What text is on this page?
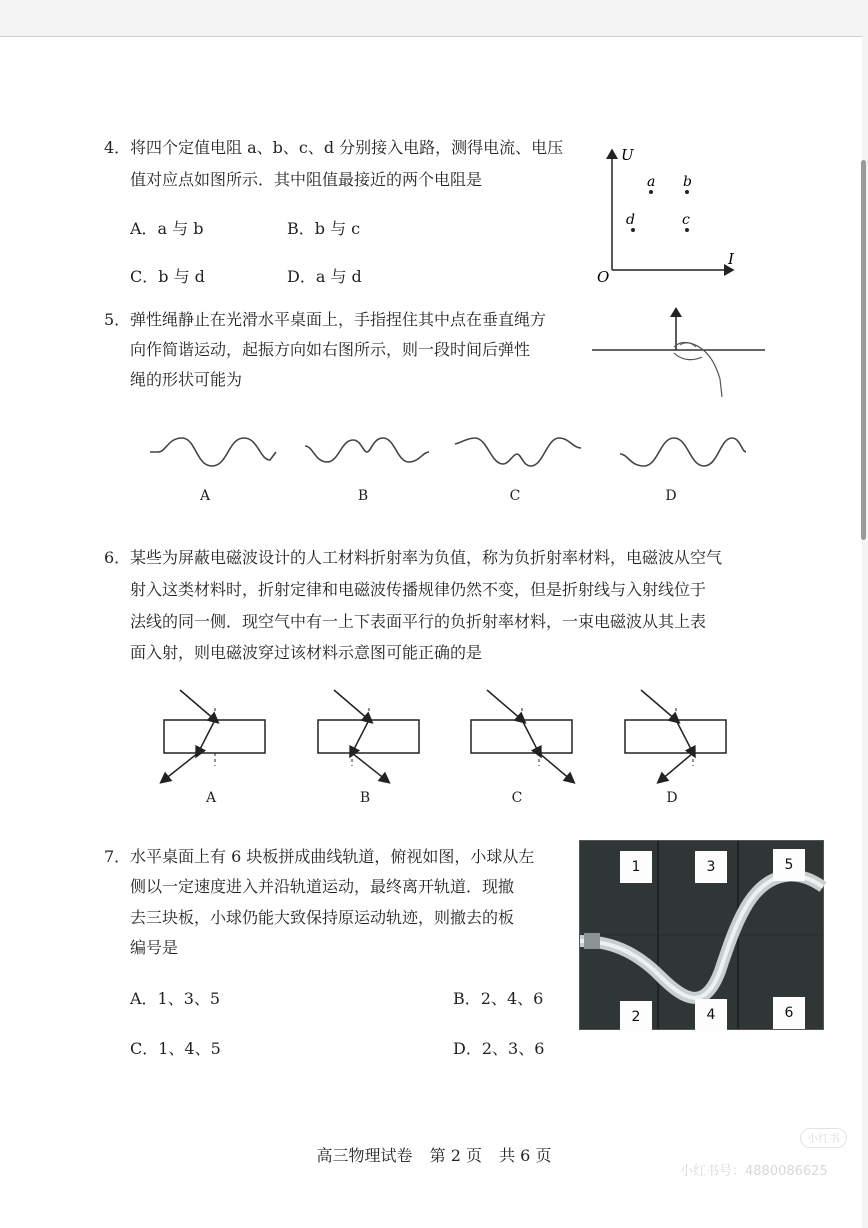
4． 将四个定值电阻 a、b、c、d 分别接入电路，测得电流、电压
值对应点如图所示．其中阻值最接近的两个电阻是
A．a 与 b	B．b 与 c
C．b 与 d	D．a 与 d
U
I
O
a b
d	c
5． 弹性绳静止在光滑水平桌面上，手指捏住其中点在垂直绳方
向作简谐运动，起振方向如右图所示，则一段时间后弹性
绳的形状可能为
A	B	C	D
6． 某些为屏蔽电磁波设计的人工材料折射率为负值，称为负折射率材料，电磁波从空气
射入这类材料时，折射定律和电磁波传播规律仍然不变，但是折射线与入射线位于
法线的同一侧．现空气中有一上下表面平行的负折射率材料，一束电磁波从其上表
面入射，则电磁波穿过该材料示意图可能正确的是
A	B	C	D
7． 水平桌面上有 6 块板拼成曲线轨道，俯视如图，小球从左
侧以一定速度进入并沿轨道运动，最终离开轨道．现撤
去三块板，小球仍能大致保持原运动轨迹，则撤去的板
编号是
A．1、3、5	B．2、4、6
C．1、4、5	D．2、3、6
1	3	5
2	4	6
高三物理试卷 第 2 页 共 6 页
小红书
小红书号：4880086625
